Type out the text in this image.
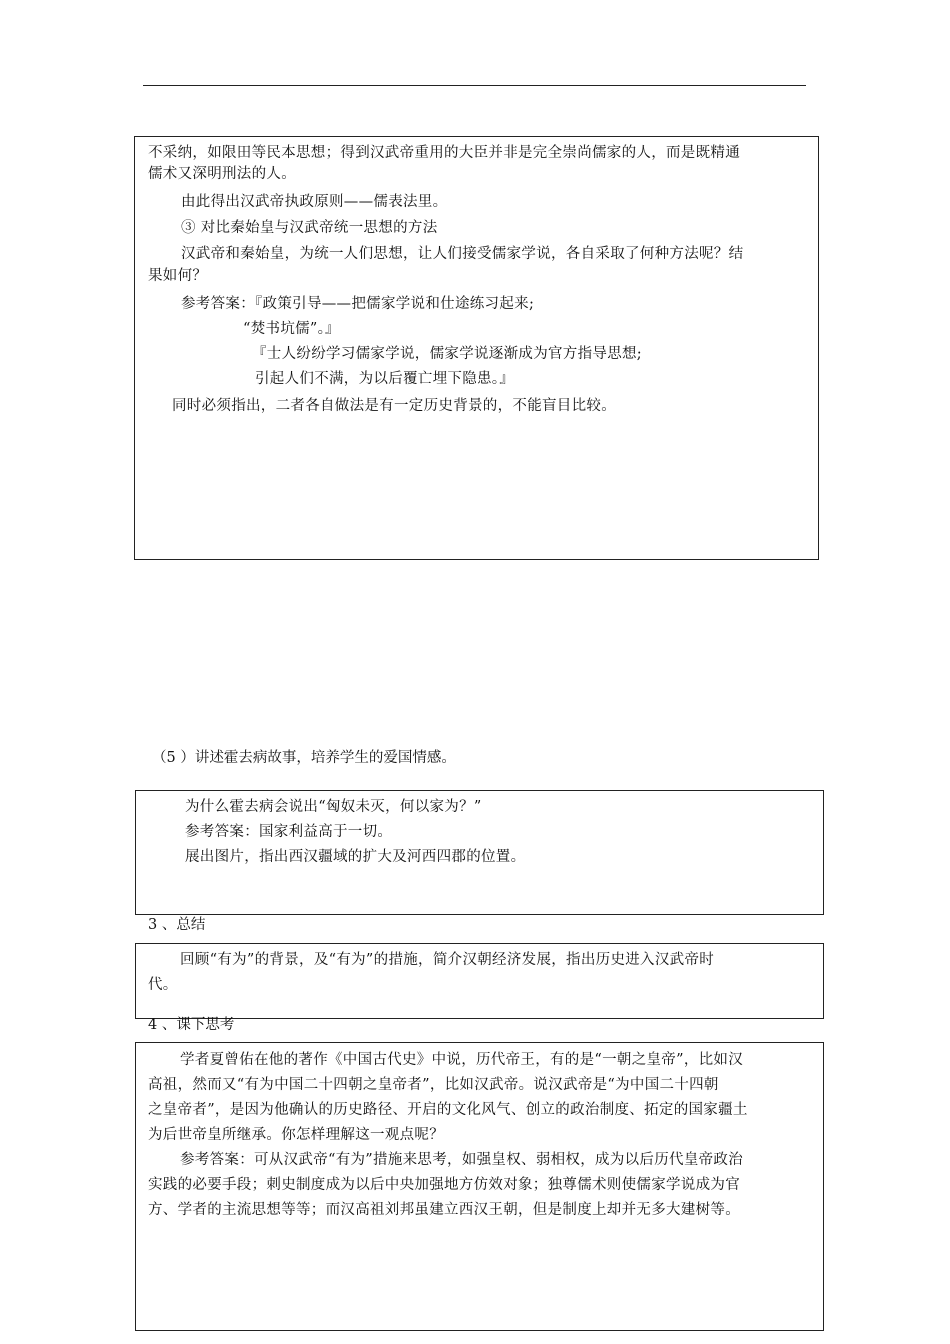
不采纳，如限田等民本思想；得到汉武帝重用的大臣并非是完全崇尚儒家的人，而是既精通
儒术又深明刑法的人。
由此得出汉武帝执政原则——儒表法里。
③ 对比秦始皇与汉武帝统一思想的方法
汉武帝和秦始皇，为统一人们思想，让人们接受儒家学说，各自采取了何种方法呢？结
果如何？
参考答案：『政策引导——把儒家学说和仕途练习起来;
“焚书坑儒”。』
『士人纷纷学习儒家学说，儒家学说逐渐成为官方指导思想;
引起人们不满，为以后覆亡埋下隐患。』
同时必须指出，二者各自做法是有一定历史背景的，不能盲目比较。
（5 ）讲述霍去病故事，培养学生的爱国情感。
为什么霍去病会说出“匈奴未灭，何以家为？”
参考答案：国家利益高于一切。
展出图片，指出西汉疆域的扩大及河西四郡的位置。
3 、总结
回顾“有为”的背景，及“有为”的措施，简介汉朝经济发展，指出历史进入汉武帝时
代。
4 、课下思考
学者夏曾佑在他的著作《中国古代史》中说，历代帝王，有的是“一朝之皇帝”，比如汉
高祖，然而又“有为中国二十四朝之皇帝者”，比如汉武帝。说汉武帝是“为中国二十四朝
之皇帝者”，是因为他确认的历史路径、开启的文化风气、创立的政治制度、拓定的国家疆土
为后世帝皇所继承。你怎样理解这一观点呢？
参考答案：可从汉武帝“有为”措施来思考，如强皇权、弱相权，成为以后历代皇帝政治
实践的必要手段；刺史制度成为以后中央加强地方仿效对象；独尊儒术则使儒家学说成为官
方、学者的主流思想等等；而汉高祖刘邦虽建立西汉王朝，但是制度上却并无多大建树等。
